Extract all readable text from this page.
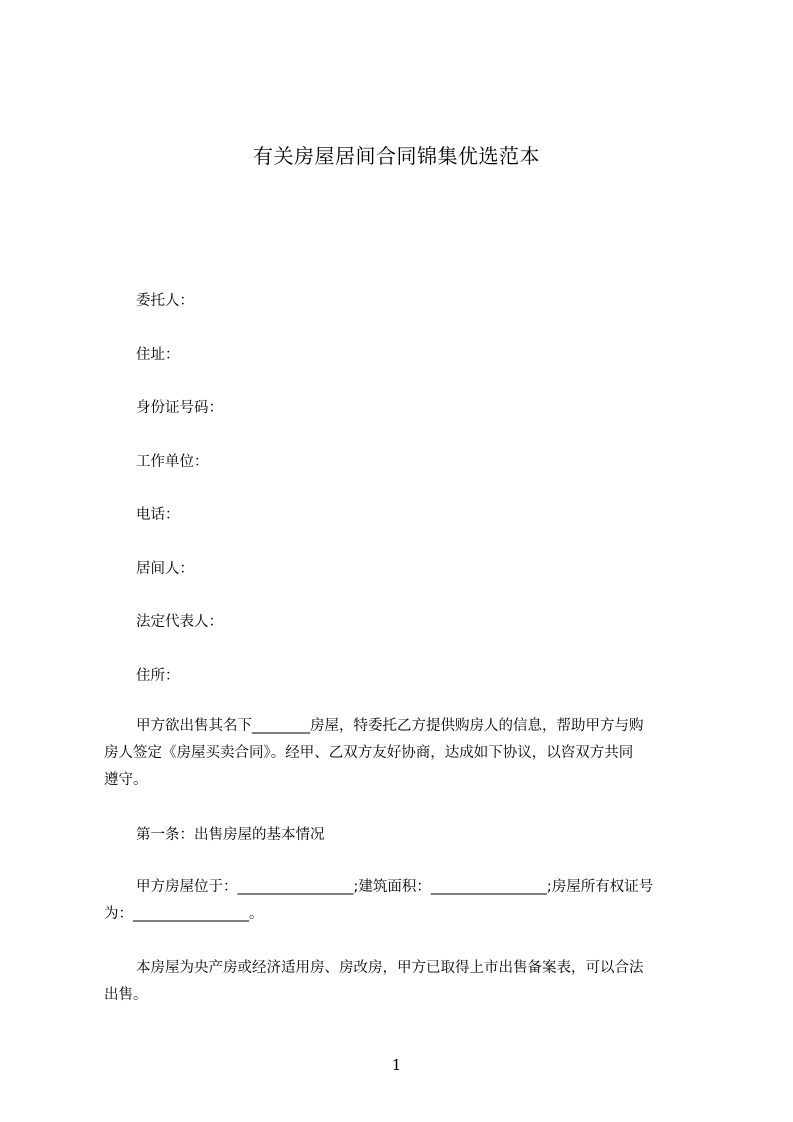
有关房屋居间合同锦集优选范本
委托人：
住址：
身份证号码：
工作单位：
电话：
居间人：
法定代表人：
住所：
甲方欲出售其名下________房屋，特委托乙方提供购房人的信息，帮助甲方与购
房人签定《房屋买卖合同》。经甲、乙双方友好协商，达成如下协议，以咨双方共同
遵守。
第一条：出售房屋的基本情况
甲方房屋位于：________________;建筑面积：________________;房屋所有权证号
为：________________。
本房屋为央产房或经济适用房、房改房，甲方已取得上市出售备案表，可以合法
出售。
1
